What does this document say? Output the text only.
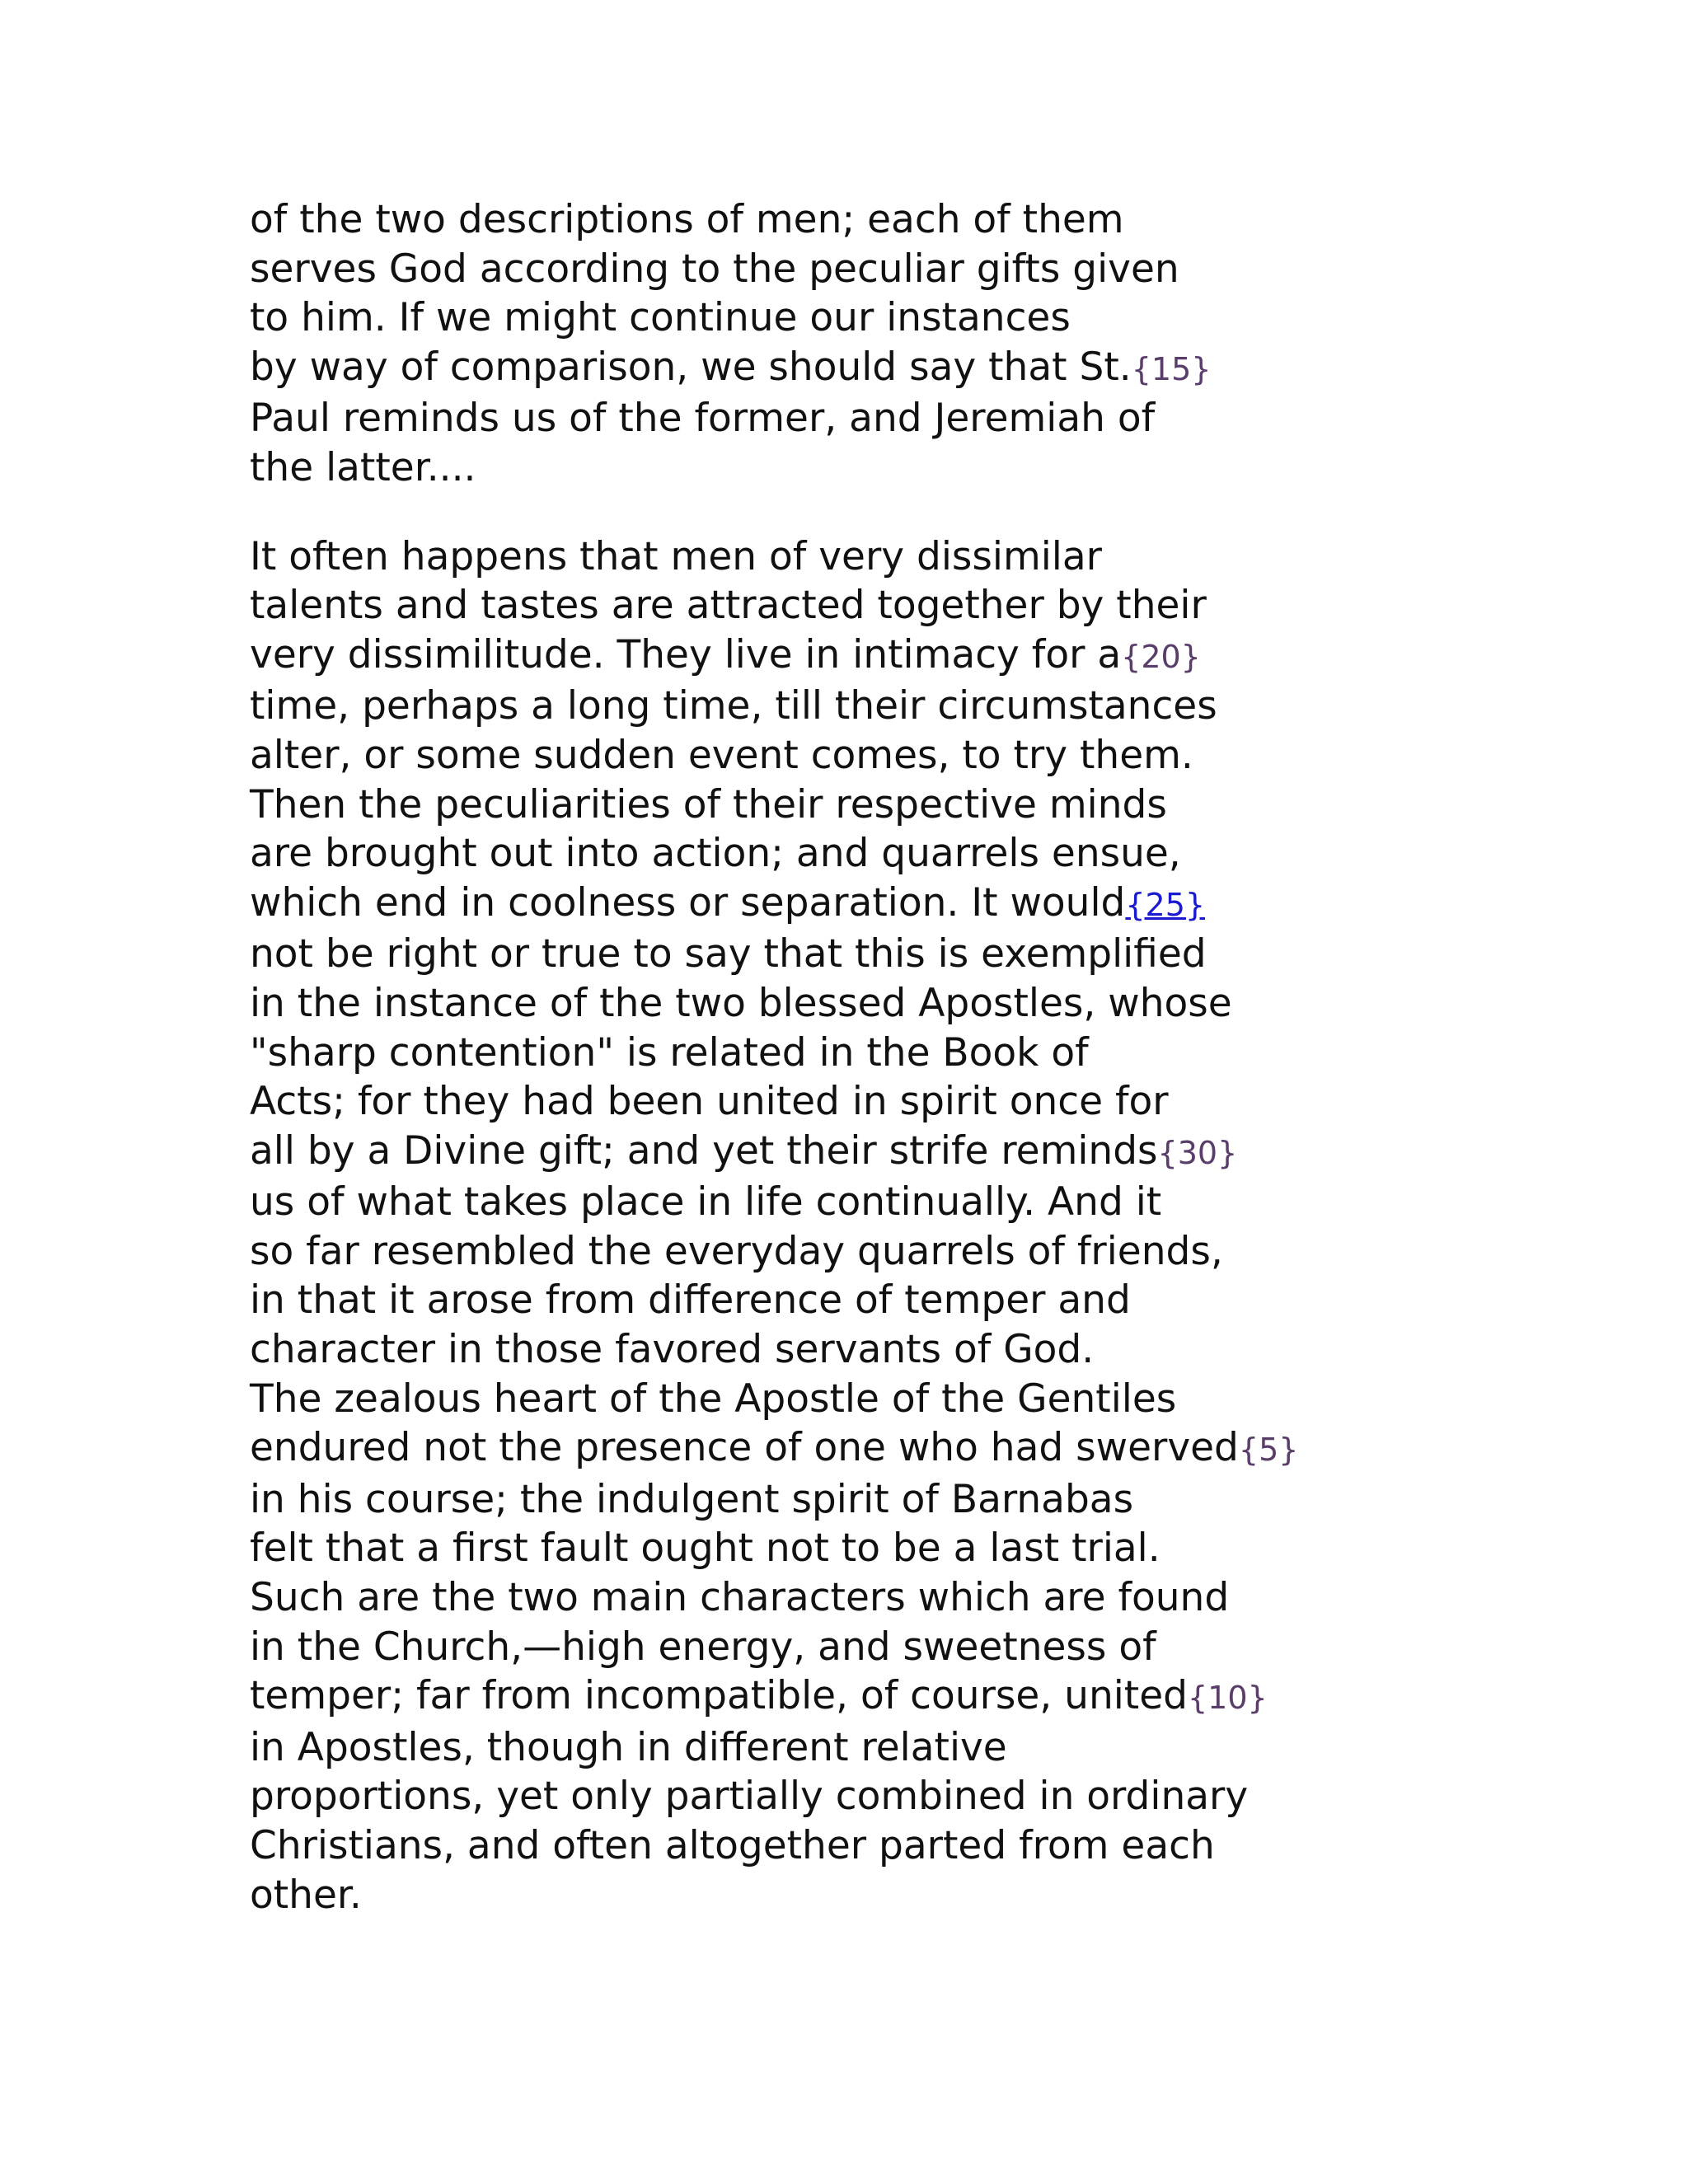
of the two descriptions of men; each of them
serves God according to the peculiar gifts given
to him. If we might continue our instances
by way of comparison, we should say that St.{15}
Paul reminds us of the former, and Jeremiah of
the latter....

It often happens that men of very dissimilar
talents and tastes are attracted together by their
very dissimilitude. They live in intimacy for a{20}
time, perhaps a long time, till their circumstances
alter, or some sudden event comes, to try them.
Then the peculiarities of their respective minds
are brought out into action; and quarrels ensue,
which end in coolness or separation. It would{25}
not be right or true to say that this is exemplified
in the instance of the two blessed Apostles, whose
"sharp contention" is related in the Book of
Acts; for they had been united in spirit once for
all by a Divine gift; and yet their strife reminds{30}
us of what takes place in life continually. And it
so far resembled the everyday quarrels of friends,
in that it arose from difference of temper and
character in those favored servants of God.
The zealous heart of the Apostle of the Gentiles
endured not the presence of one who had swerved{5}
in his course; the indulgent spirit of Barnabas
felt that a first fault ought not to be a last trial.
Such are the two main characters which are found
in the Church,—high energy, and sweetness of
temper; far from incompatible, of course, united{10}
in Apostles, though in different relative
proportions, yet only partially combined in ordinary
Christians, and often altogether parted from each
other.
